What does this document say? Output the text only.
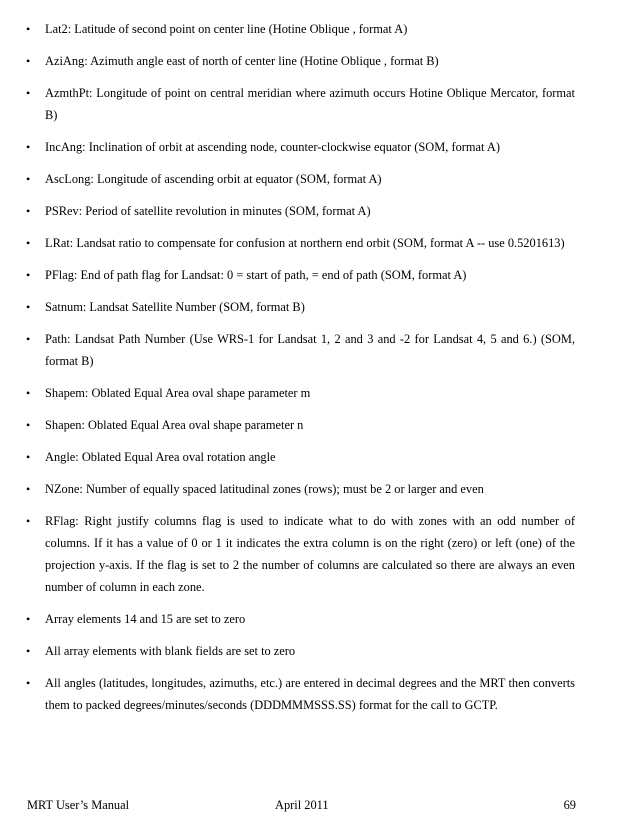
• Lat2: Latitude of second point on center line (Hotine Oblique , format A)
• AziAng: Azimuth angle east of north of center line (Hotine Oblique , format B)
• AzmthPt: Longitude of point on central meridian where azimuth occurs Hotine Oblique Mercator, format B)
• IncAng: Inclination of orbit at ascending node, counter-clockwise equator (SOM, format A)
• AscLong: Longitude of ascending orbit at equator (SOM, format A)
• PSRev: Period of satellite revolution in minutes (SOM, format A)
• LRat: Landsat ratio to compensate for confusion at northern end orbit (SOM, format A -- use 0.5201613)
• PFlag: End of path flag for Landsat: 0 = start of path, = end of path (SOM, format A)
• Satnum: Landsat Satellite Number (SOM, format B)
• Path: Landsat Path Number (Use WRS-1 for Landsat 1, 2 and 3 and -2 for Landsat 4, 5 and 6.) (SOM, format B)
• Shapem: Oblated Equal Area oval shape parameter m
• Shapen: Oblated Equal Area oval shape parameter n
• Angle: Oblated Equal Area oval rotation angle
• NZone: Number of equally spaced latitudinal zones (rows); must be 2 or larger and even
• RFlag: Right justify columns flag is used to indicate what to do with zones with an odd number of columns. If it has a value of 0 or 1 it indicates the extra column is on the right (zero) or left (one) of the projection y-axis. If the flag is set to 2 the number of columns are calculated so there are always an even number of column in each zone.
• Array elements 14 and 15 are set to zero
• All array elements with blank fields are set to zero
• All angles (latitudes, longitudes, azimuths, etc.) are entered in decimal degrees and the MRT then converts them to packed degrees/minutes/seconds (DDDMMMSSS.SS) format for the call to GCTP.
MRT User’s Manual	April 2011	69
